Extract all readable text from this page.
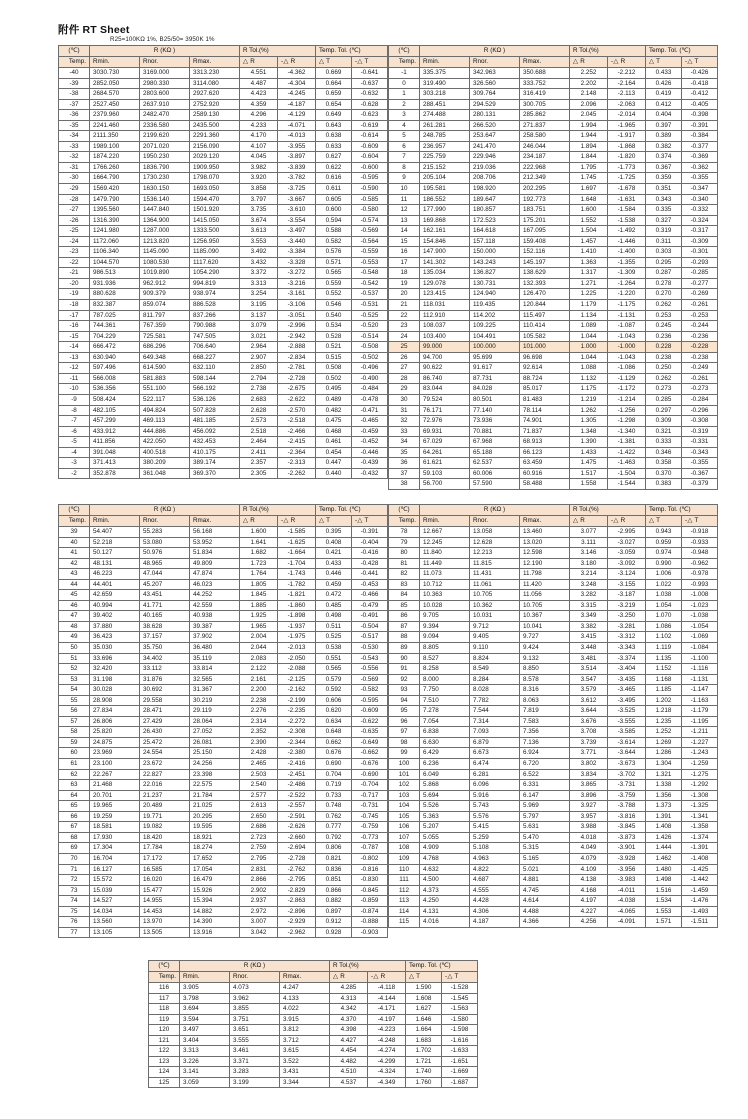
附件 RT Sheet
R25=100KΩ 1%, B25/50= 3950K 1%
(℃)	R (KΩ )			R Tol.(%)		Temp. Tol. (℃)	
Temp.	Rmin.	Rnor.	Rmax.	△ R	-△ R	△ T	-△ T
-40	3030.730	3169.000	3313.230	4.551	-4.362	0.669	-0.641
-39	2852.050	2980.330	3114.080	4.487	-4.304	0.664	-0.637
-38	2684.570	2803.600	2927.620	4.423	-4.245	0.659	-0.632
-37	2527.450	2637.910	2752.920	4.359	-4.187	0.654	-0.628
-36	2379.960	2482.470	2589.130	4.296	-4.129	0.649	-0.623
-35	2241.460	2336.580	2435.500	4.233	-4.071	0.643	-0.619
-34	2111.350	2199.620	2291.360	4.170	-4.013	0.638	-0.614
-33	1989.100	2071.020	2156.090	4.107	-3.955	0.633	-0.609
-32	1874.220	1950.230	2029.120	4.045	-3.897	0.627	-0.604
-31	1766.260	1836.790	1909.950	3.982	-3.839	0.622	-0.600
-30	1664.790	1730.230	1798.070	3.920	-3.782	0.616	-0.595
-29	1569.420	1630.150	1693.050	3.858	-3.725	0.611	-0.590
-28	1479.790	1536.140	1594.470	3.797	-3.667	0.605	-0.585
-27	1395.560	1447.840	1501.920	3.735	-3.610	0.600	-0.580
-26	1316.390	1364.900	1415.050	3.674	-3.554	0.594	-0.574
-25	1241.980	1287.000	1333.500	3.613	-3.497	0.588	-0.569
-24	1172.060	1213.820	1256.950	3.553	-3.440	0.582	-0.564
-23	1106.340	1145.090	1185.090	3.492	-3.384	0.576	-0.559
-22	1044.570	1080.530	1117.620	3.432	-3.328	0.571	-0.553
-21	986.513	1019.890	1054.290	3.372	-3.272	0.565	-0.548
-20	931.936	962.912	994.819	3.313	-3.216	0.559	-0.542
-19	880.628	909.379	938.974	3.254	-3.161	0.552	-0.537
-18	832.387	859.074	886.528	3.195	-3.106	0.546	-0.531
-17	787.025	811.797	837.266	3.137	-3.051	0.540	-0.525
-16	744.361	767.359	790.988	3.079	-2.996	0.534	-0.520
-15	704.229	725.581	747.505	3.021	-2.942	0.528	-0.514
-14	666.472	686.296	706.640	2.964	-2.888	0.521	-0.508
-13	630.940	649.348	668.227	2.907	-2.834	0.515	-0.502
-12	597.496	614.590	632.110	2.850	-2.781	0.508	-0.496
-11	566.008	581.883	598.144	2.794	-2.728	0.502	-0.490
-10	536.356	551.100	566.192	2.738	-2.675	0.495	-0.484
-9	508.424	522.117	536.126	2.683	-2.622	0.489	-0.478
-8	482.105	494.824	507.828	2.628	-2.570	0.482	-0.471
-7	457.299	469.113	481.185	2.573	-2.518	0.475	-0.465
-6	433.912	444.886	456.092	2.518	-2.466	0.468	-0.459
-5	411.856	422.050	432.453	2.464	-2.415	0.461	-0.452
-4	391.048	400.518	410.175	2.411	-2.364	0.454	-0.446
-3	371.413	380.209	389.174	2.357	-2.313	0.447	-0.439
-2	352.878	361.048	369.370	2.305	-2.262	0.440	-0.432
(℃)	R (KΩ )			R Tol.(%)		Temp. Tol. (℃)	
Temp.	Rmin.	Rnor.	Rmax.	△ R	-△ R	△ T	-△ T
-1	335.375	342.963	350.688	2.252	-2.212	0.433	-0.426
0	319.490	326.560	333.752	2.202	-2.164	0.426	-0.418
1	303.218	309.764	316.419	2.148	-2.113	0.419	-0.412
2	288.451	294.529	300.705	2.096	-2.063	0.412	-0.405
3	274.488	280.131	285.862	2.045	-2.014	0.404	-0.398
4	261.281	266.520	271.837	1.994	-1.965	0.397	-0.391
5	248.785	253.647	258.580	1.944	-1.917	0.389	-0.384
6	236.957	241.470	246.044	1.894	-1.868	0.382	-0.377
7	225.759	229.946	234.187	1.844	-1.820	0.374	-0.369
8	215.152	219.036	222.968	1.795	-1.773	0.367	-0.362
9	205.104	208.706	212.349	1.745	-1.725	0.359	-0.355
10	195.581	198.920	202.295	1.697	-1.678	0.351	-0.347
11	186.552	189.647	192.773	1.648	-1.631	0.343	-0.340
12	177.990	180.857	183.751	1.600	-1.584	0.335	-0.332
13	169.868	172.523	175.201	1.552	-1.538	0.327	-0.324
14	162.161	164.618	167.095	1.504	-1.492	0.319	-0.317
15	154.846	157.118	159.408	1.457	-1.446	0.311	-0.309
16	147.900	150.000	152.116	1.410	-1.400	0.303	-0.301
17	141.302	143.243	145.197	1.363	-1.355	0.295	-0.293
18	135.034	136.827	138.629	1.317	-1.309	0.287	-0.285
19	129.078	130.731	132.393	1.271	-1.264	0.278	-0.277
20	123.415	124.940	126.470	1.225	-1.220	0.270	-0.269
21	118.031	119.435	120.844	1.179	-1.175	0.262	-0.261
22	112.910	114.202	115.497	1.134	-1.131	0.253	-0.253
23	108.037	109.225	110.414	1.089	-1.087	0.245	-0.244
24	103.400	104.491	105.582	1.044	-1.043	0.236	-0.236
25	99.000	100.000	101.000	1.000	-1.000	0.228	-0.228
26	94.700	95.699	96.698	1.044	-1.043	0.238	-0.238
27	90.622	91.617	92.614	1.088	-1.086	0.250	-0.249
28	86.740	87.731	88.724	1.132	-1.129	0.262	-0.261
29	83.044	84.028	85.017	1.175	-1.172	0.273	-0.273
30	79.524	80.501	81.483	1.219	-1.214	0.285	-0.284
31	76.171	77.140	78.114	1.262	-1.256	0.297	-0.296
32	72.976	73.936	74.901	1.305	-1.298	0.309	-0.308
33	69.931	70.881	71.837	1.348	-1.340	0.321	-0.319
34	67.029	67.968	68.913	1.390	-1.381	0.333	-0.331
35	64.261	65.188	66.123	1.433	-1.422	0.346	-0.343
36	61.621	62.537	63.459	1.475	-1.463	0.358	-0.355
37	59.103	60.006	60.916	1.517	-1.504	0.370	-0.367
38	56.700	57.590	58.488	1.558	-1.544	0.383	-0.379
(℃)	R (KΩ )			R Tol.(%)		Temp. Tol. (℃)	
Temp.	Rmin.	Rnor.	Rmax.	△ R	-△ R	△ T	-△ T
39	54.407	55.283	56.168	1.600	-1.585	0.395	-0.391
40	52.218	53.080	53.952	1.641	-1.625	0.408	-0.404
41	50.127	50.976	51.834	1.682	-1.664	0.421	-0.416
42	48.131	48.965	49.809	1.723	-1.704	0.433	-0.428
43	46.223	47.044	47.874	1.764	-1.743	0.446	-0.441
44	44.401	45.207	46.023	1.805	-1.782	0.459	-0.453
45	42.659	43.451	44.252	1.845	-1.821	0.472	-0.466
46	40.994	41.771	42.559	1.885	-1.860	0.485	-0.479
47	39.402	40.165	40.938	1.925	-1.898	0.498	-0.491
48	37.880	38.628	39.387	1.965	-1.937	0.511	-0.504
49	36.423	37.157	37.902	2.004	-1.975	0.525	-0.517
50	35.030	35.750	36.480	2.044	-2.013	0.538	-0.530
51	33.696	34.402	35.119	2.083	-2.050	0.551	-0.543
52	32.420	33.112	33.814	2.122	-2.088	0.565	-0.556
53	31.198	31.876	32.565	2.161	-2.125	0.579	-0.569
54	30.028	30.692	31.367	2.200	-2.162	0.592	-0.582
55	28.908	29.558	30.219	2.238	-2.199	0.606	-0.595
56	27.834	28.471	29.119	2.276	-2.235	0.620	-0.609
57	26.806	27.429	28.064	2.314	-2.272	0.634	-0.622
58	25.820	26.430	27.052	2.352	-2.308	0.648	-0.635
59	24.875	25.472	26.081	2.390	-2.344	0.662	-0.649
60	23.969	24.554	25.150	2.428	-2.380	0.676	-0.662
61	23.100	23.672	24.256	2.465	-2.416	0.690	-0.676
62	22.267	22.827	23.398	2.503	-2.451	0.704	-0.690
63	21.468	22.016	22.575	2.540	-2.486	0.719	-0.704
64	20.701	21.237	21.784	2.577	-2.522	0.733	-0.717
65	19.965	20.489	21.025	2.613	-2.557	0.748	-0.731
66	19.259	19.771	20.295	2.650	-2.591	0.762	-0.745
67	18.581	19.082	19.595	2.686	-2.626	0.777	-0.759
68	17.930	18.420	18.921	2.723	-2.660	0.792	-0.773
69	17.304	17.784	18.274	2.759	-2.694	0.806	-0.787
70	16.704	17.172	17.652	2.795	-2.728	0.821	-0.802
71	16.127	16.585	17.054	2.831	-2.762	0.836	-0.816
72	15.572	16.020	16.479	2.866	-2.795	0.851	-0.830
73	15.039	15.477	15.926	2.902	-2.829	0.866	-0.845
74	14.527	14.955	15.394	2.937	-2.863	0.882	-0.859
75	14.034	14.453	14.882	2.972	-2.896	0.897	-0.874
76	13.560	13.970	14.390	3.007	-2.929	0.912	-0.888
77	13.105	13.505	13.916	3.042	-2.962	0.928	-0.903
(℃)	R (KΩ )			R Tol.(%)		Temp. Tol. (℃)	
Temp.	Rmin.	Rnor.	Rmax.	△ R	-△ R	△ T	-△ T
78	12.667	13.058	13.460	3.077	-2.995	0.943	-0.918
79	12.245	12.628	13.020	3.111	-3.027	0.959	-0.933
80	11.840	12.213	12.598	3.146	-3.059	0.974	-0.948
81	11.449	11.815	12.190	3.180	-3.092	0.990	-0.962
82	11.073	11.431	11.798	3.214	-3.124	1.006	-0.978
83	10.712	11.061	11.420	3.248	-3.155	1.022	-0.993
84	10.363	10.705	11.056	3.282	-3.187	1.038	-1.008
85	10.028	10.362	10.705	3.315	-3.219	1.054	-1.023
86	9.705	10.031	10.367	3.349	-3.250	1.070	-1.038
87	9.394	9.712	10.041	3.382	-3.281	1.086	-1.054
88	9.094	9.405	9.727	3.415	-3.312	1.102	-1.069
89	8.805	9.110	9.424	3.448	-3.343	1.119	-1.084
90	8.527	8.824	9.132	3.481	-3.374	1.135	-1.100
91	8.258	8.549	8.850	3.514	-3.404	1.152	-1.116
92	8.000	8.284	8.578	3.547	-3.435	1.168	-1.131
93	7.750	8.028	8.316	3.579	-3.465	1.185	-1.147
94	7.510	7.782	8.063	3.612	-3.495	1.202	-1.163
95	7.278	7.544	7.819	3.644	-3.525	1.218	-1.179
96	7.054	7.314	7.583	3.676	-3.555	1.235	-1.195
97	6.838	7.093	7.356	3.708	-3.585	1.252	-1.211
98	6.630	6.879	7.136	3.739	-3.614	1.269	-1.227
99	6.429	6.673	6.924	3.771	-3.644	1.286	-1.243
100	6.236	6.474	6.720	3.802	-3.673	1.304	-1.259
101	6.049	6.281	6.522	3.834	-3.702	1.321	-1.275
102	5.868	6.096	6.331	3.865	-3.731	1.338	-1.292
103	5.694	5.916	6.147	3.896	-3.759	1.356	-1.308
104	5.526	5.743	5.969	3.927	-3.788	1.373	-1.325
105	5.363	5.576	5.797	3.957	-3.816	1.391	-1.341
106	5.207	5.415	5.631	3.988	-3.845	1.408	-1.358
107	5.055	5.259	5.470	4.018	-3.873	1.426	-1.374
108	4.909	5.108	5.315	4.049	-3.901	1.444	-1.391
109	4.768	4.963	5.165	4.079	-3.928	1.462	-1.408
110	4.632	4.822	5.021	4.109	-3.956	1.480	-1.425
111	4.500	4.687	4.881	4.138	-3.983	1.498	-1.442
112	4.373	4.555	4.745	4.168	-4.011	1.516	-1.459
113	4.250	4.428	4.614	4.197	-4.038	1.534	-1.476
114	4.131	4.306	4.488	4.227	-4.065	1.553	-1.493
115	4.016	4.187	4.366	4.256	-4.091	1.571	-1.511
(℃)	R (KΩ )			R Tol.(%)		Temp. Tol. (℃)	
Temp.	Rmin.	Rnor.	Rmax.	△ R	-△ R	△ T	-△ T
116	3.905	4.073	4.247	4.285	-4.118	1.590	-1.528
117	3.798	3.962	4.133	4.313	-4.144	1.608	-1.545
118	3.694	3.855	4.022	4.342	-4.171	1.627	-1.563
119	3.594	3.751	3.915	4.370	-4.197	1.646	-1.580
120	3.497	3.651	3.812	4.398	-4.223	1.664	-1.598
121	3.404	3.555	3.712	4.427	-4.248	1.683	-1.616
122	3.313	3.461	3.615	4.454	-4.274	1.702	-1.633
123	3.226	3.371	3.522	4.482	-4.299	1.721	-1.651
124	3.141	3.283	3.431	4.510	-4.324	1.740	-1.669
125	3.059	3.199	3.344	4.537	-4.349	1.760	-1.687
